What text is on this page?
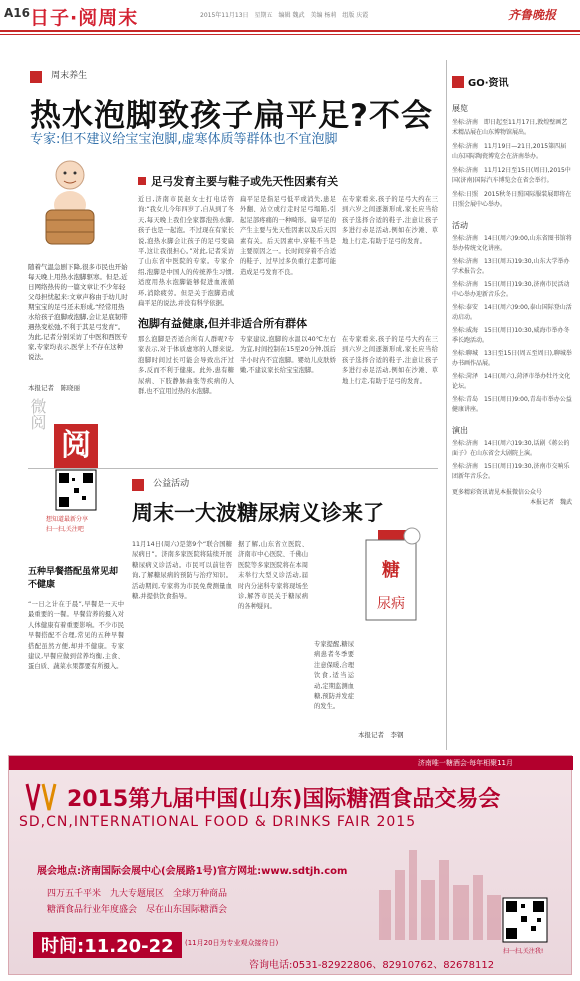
A16 日子·阅周末	2015年11月13日　星期五　编辑 魏武　美编 杨莉　组版 庆霞	齐鲁晚报
$^{周末养生}$
热水泡脚致孩子扁平足?不会
专家:但不建议给宝宝泡脚,虚寒体质等群体也不宜泡脚
随着气温急剧下降,很多市民也开始每天晚上用热水泡脚驱寒。但是,近日网络热传的一篇文章让不少年轻父母担忧起来:文章声称由于幼儿时期宝宝的足弓还未形成,“经常用热水给孩子泡脚或泡脚,会让足底韧带遇热变松弛,不利于其足弓发育”。为此,记者分别采访了中医和西医专家,专家均表示,医学上不存在这种说法。
本报记者　陈晓丽
足弓发育主要与鞋子或先天性因素有关
近日,济南市民赵女士打电话咨询:“我女儿今年四岁了,自从到了冬天,每天晚上我们全家都泡热水脚,孩子也是一起泡。不过现在有家长说,泡热水脚会让孩子的足弓变扁平,这让我很担心。”对此,记者采访了山东省中医院的专家。专家介绍,泡脚是中国人的传统养生习惯,适度用热水泡脚能够促进血液循环,消除疲劳。但是关于泡脚造成扁平足的说法,并没有科学依据。
扁平足是指足弓低平或消失,患足外翻、站立或行走时足弓塌陷,引起足部疼痛的一种畸形。扁平足的产生主要与先天性因素以及后天因素有关。后天因素中,穿鞋不当是主要原因之一。长时间穿着不合适的鞋子、过早过多负重行走都可能造成足弓发育不良。
在专家看来,孩子的足弓大约在三到六岁之间逐渐形成,家长应当给孩子选择合适的鞋子,注意让孩子多进行赤足活动,例如在沙滩、草地上行走,有助于足弓的发育。
泡脚有益健康,但并非适合所有群体
那么泡脚是否适合所有人群呢?专家表示,对于体质虚寒的人群来说,泡脚时间过长可能会导致出汗过多,反而不利于健康。此外,患有糖尿病、下肢静脉曲张等疾病的人群,也不宜用过热的水泡脚。
专家建议,泡脚的水温以40℃左右为宜,时间控制在15至20分钟,饭后半小时内不宜泡脚。婴幼儿皮肤娇嫩,不建议家长给宝宝泡脚。
在专家看来,孩子的足弓大约在三到六岁之间逐渐形成,家长应当给孩子选择合适的鞋子,注意让孩子多进行赤足活动,例如在沙滩、草地上行走,有助于足弓的发育。
微阅
阅
想知道最新分享
扫一扫,关注吧
$^{公益活动}$
周末一大波糖尿病义诊来了
11月14日(周六)是第9个“联合国糖尿病日”。济南多家医院将陆续开展糖尿病义诊活动。市民可以前往咨询,了解糖尿病的预防与治疗知识。活动期间,专家将为市民免费测量血糖,并提供饮食指导。
据了解,山东省立医院、济南市中心医院、千佛山医院等多家医院将在本周末举行大型义诊活动,届时内分泌科专家将现场坐诊,解答市民关于糖尿病的各种疑问。
专家提醒,糖尿病患者冬季要注意保暖,合理饮食,适当运动,定期监测血糖,预防并发症的发生。
糖
尿病
本报记者　李钢
五种早餐搭配虽常见却不健康
“一日之计在于晨”,早餐是一天中最重要的一餐。早餐营养的摄入对人体健康有着重要影响。不少市民早餐搭配不合理,常见的五种早餐搭配虽然方便,却并不健康。专家建议,早餐应做到营养均衡,主食、蛋白质、蔬菜水果都要有所摄入。
GO·资讯
展览
坐标:济南　即日起至11月17日,敦煌壁画艺术精品展在山东博物馆展出。
坐标:济南　11月19日—21日,2015第四届山东国际陶瓷博览会在济南举办。
坐标:济南　11月12日至15日(周日),2015中国(济南)国际汽车博览会在省会举行。
坐标:日照　2015秋冬日照国际服装展即将在日照会展中心举办。
活动
坐标:济南　14日(周六)9:00,山东省图书馆将举办传统文化讲座。
坐标:济南　13日(周五)19:30,山东大学举办学术报告会。
坐标:济南　15日(周日)19:30,济南市民活动中心举办迎新音乐会。
坐标:泰安　14日(周六)9:00,泰山国际登山活动启动。
坐标:威海　15日(周日)10:30,威海市举办冬季长跑活动。
坐标:聊城　13日至15日(周五至周日),聊城举办书画作品展。
坐标:菏泽　14日(周六),菏泽市举办牡丹文化论坛。
坐标:青岛　15日(周日)9:00,青岛市举办公益健康讲座。
演出
坐标:济南　14日(周六)19:30,话剧《蒋公的面子》在山东省会大剧院上演。
坐标:济南　15日(周日)19:30,济南市交响乐团新年音乐会。
更多精彩资讯请见本报微信公众号
本报记者　魏武
济南唯一糖酒会·每年相聚11月
2015第九届中国(山东)国际糖酒食品交易会
SD,CN,INTERNATIONAL FOOD & DRINKS FAIR 2015
展会地点:济南国际会展中心(会展路1号)官方网址:www.sdtjh.com
四万五千平米　九大专题展区　全球万种商品
糖酒食品行业年度盛会　尽在山东国际糖酒会
时间:11.20-22	(11月20日为专业观众接待日)
咨询电话:0531-82922806、82910762、82678112
扫一扫,关注我!
